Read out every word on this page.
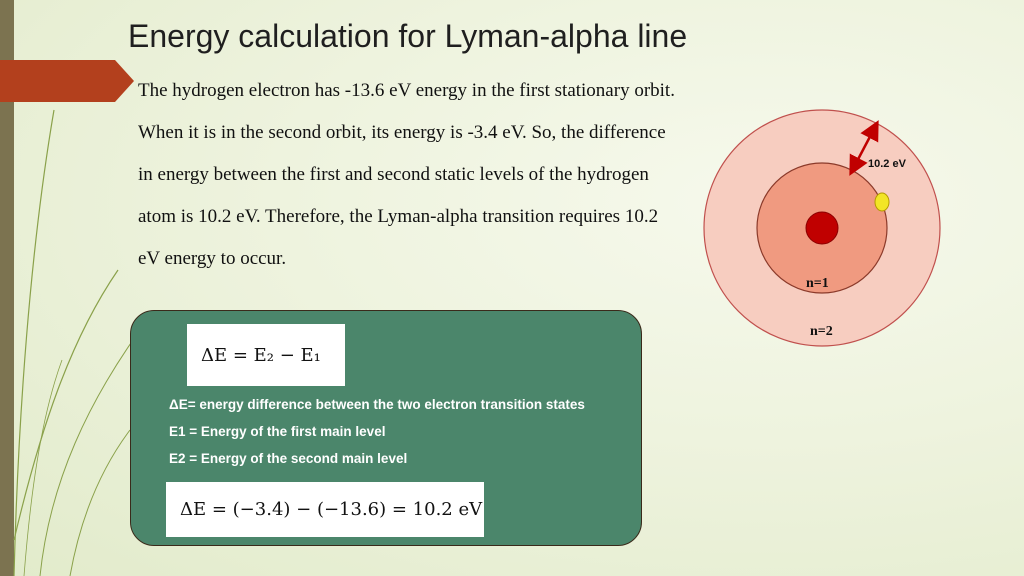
Energy calculation for Lyman-alpha line

The hydrogen electron has -13.6 eV energy in the first stationary orbit. When it is in the second orbit, its energy is -3.4 eV. So, the difference in energy between the first and second static levels of the hydrogen atom is 10.2 eV. Therefore, the Lyman-alpha transition requires 10.2 eV energy to occur.

ΔE = E₂ − E₁
ΔE= energy difference between the two electron transition states
E1 = Energy of the first main level
E2 = Energy of the second main level
ΔE = (−3.4) − (−13.6) = 10.2 eV
10.2 eV
n=1
n=2
